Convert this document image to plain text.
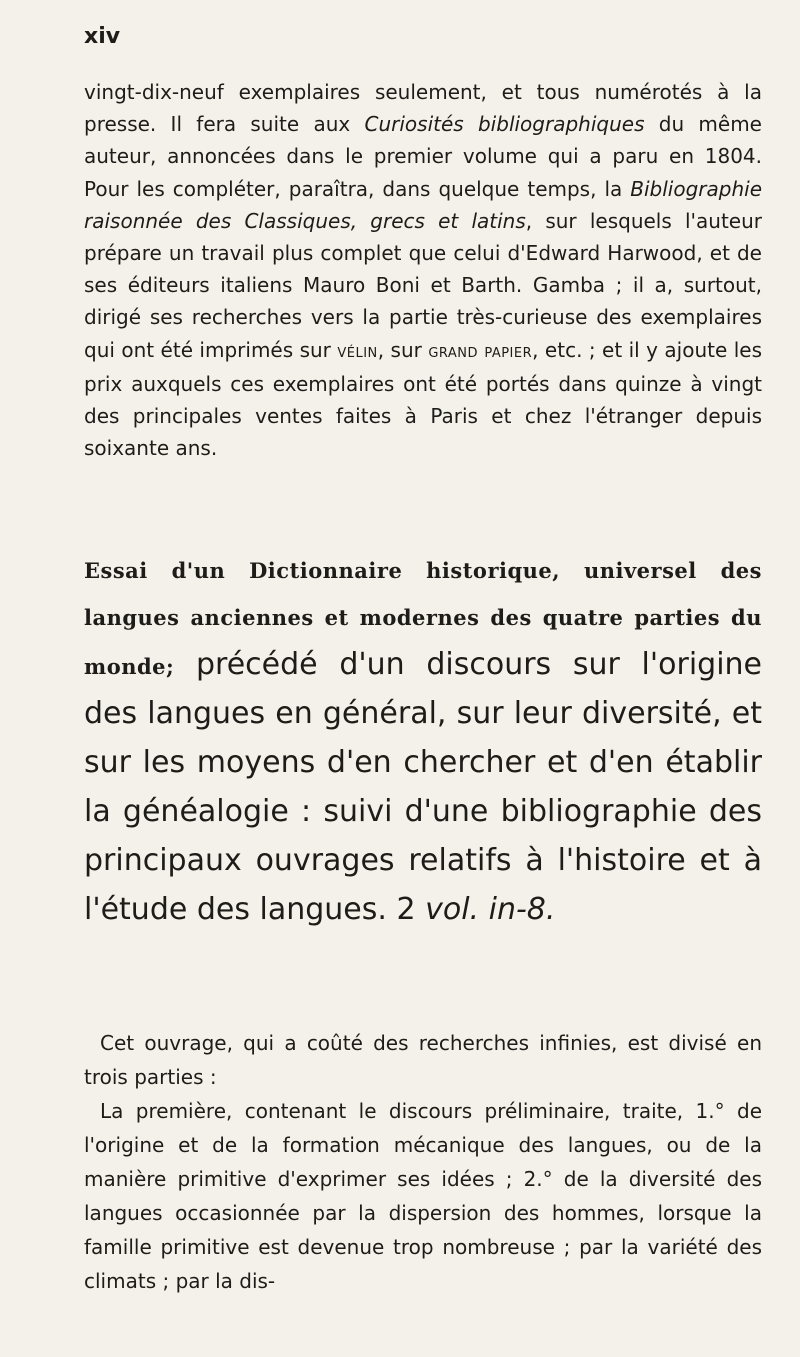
xiv

vingt-dix-neuf exemplaires seulement, et tous numérotés à la presse. Il fera suite aux Curiosités bibliographiques du même auteur, annoncées dans le premier volume qui a paru en 1804. Pour les compléter, paraîtra, dans quelque temps, la Bibliographie raisonnée des Classiques, grecs et latins, sur lesquels l'auteur prépare un travail plus complet que celui d'Edward Harwood, et de ses éditeurs italiens Mauro Boni et Barth. Gamba ; il a, surtout, dirigé ses recherches vers la partie très-curieuse des exemplaires qui ont été imprimés sur vélin, sur grand papier, etc. ; et il y ajoute les prix auxquels ces exemplaires ont été portés dans quinze à vingt des principales ventes faites à Paris et chez l'étranger depuis soixante ans.

Essai d'un Dictionnaire historique, universel des langues anciennes et modernes des quatre parties du monde; précédé d'un discours sur l'origine des langues en général, sur leur diversité, et sur les moyens d'en chercher et d'en établir la généalogie : suivi d'une bibliographie des principaux ouvrages relatifs à l'histoire et à l'étude des langues. 2 vol. in-8.

Cet ouvrage, qui a coûté des recherches infinies, est divisé en trois parties :

La première, contenant le discours préliminaire, traite, 1.° de l'origine et de la formation mécanique des langues, ou de la manière primitive d'exprimer ses idées ; 2.° de la diversité des langues occasionnée par la dispersion des hommes, lorsque la famille primitive est devenue trop nombreuse ; par la variété des climats ; par la dis-
